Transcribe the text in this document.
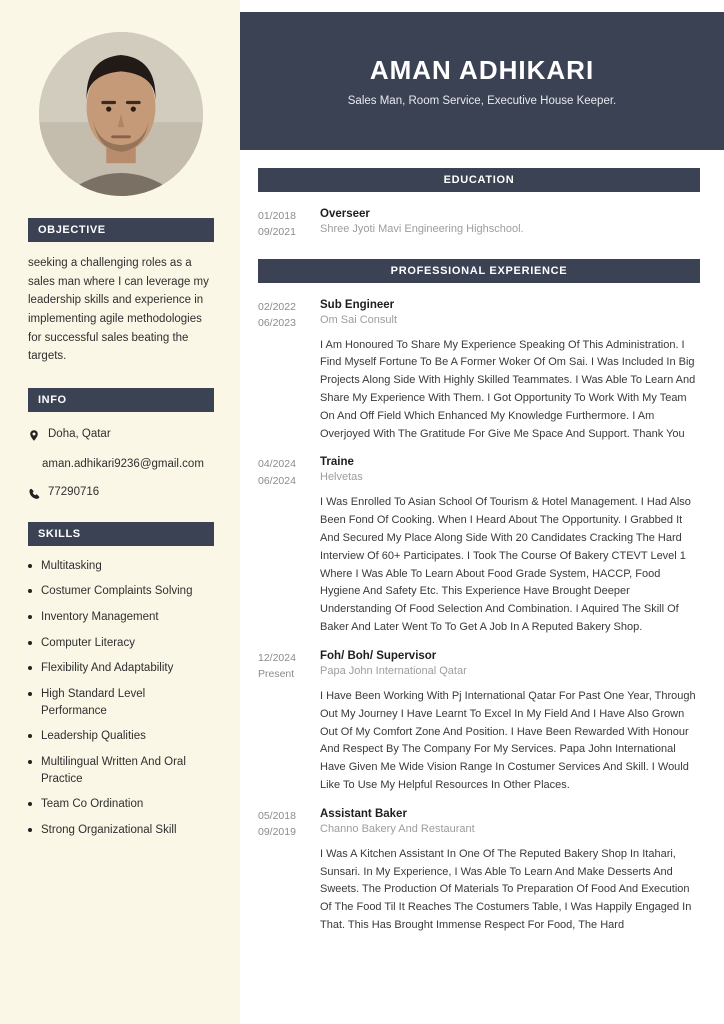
OBJECTIVE

seeking a challenging roles as a sales man where I can leverage my leadership skills and experience in implementing agile methodologies for successful sales beating the targets.

INFO
Doha, Qatar
aman.adhikari9236@gmail.com
77290716
SKILLS
Multitasking
Costumer Complaints Solving
Inventory Management
Computer Literacy
Flexibility And Adaptability
High Standard Level Performance
Leadership Qualities
Multilingual Written And Oral Practice
Team Co Ordination
Strong Organizational Skill
AMAN ADHIKARI
Sales Man, Room Service, Executive House Keeper.
EDUCATION
01/2018
09/2021
Overseer
Shree Jyoti Mavi Engineering Highschool.
PROFESSIONAL EXPERIENCE
02/2022
06/2023
Sub Engineer
Om Sai Consult

I Am Honoured To Share My Experience Speaking Of This Administration. I Find Myself Fortune To Be A Former Woker Of Om Sai. I Was Included In Big Projects Along Side With Highly Skilled Teammates. I Was Able To Learn And Share My Experience With Them. I Got Opportunity To Work With My Team On And Off Field Which Enhanced My Knowledge Furthermore. I Am Overjoyed With The Gratitude For Give Me Space And Support. Thank You

04/2024
06/2024
Traine
Helvetas

I Was Enrolled To Asian School Of Tourism & Hotel Management. I Had Also Been Fond Of Cooking. When I Heard About The Opportunity. I Grabbed It And Secured My Place Along Side With 20 Candidates Cracking The Hard Interview Of 60+ Participates. I Took The Course Of Bakery CTEVT Level 1 Where I Was Able To Learn About Food Grade System, HACCP, Food Hygiene And Safety Etc. This Experience Have Brought Deeper Understanding Of Food Selection And Combination. I Aquired The Skill Of Baker And Later Went To To Get A Job In A Reputed Bakery Shop.

12/2024
Present
Foh/ Boh/ Supervisor
Papa John International Qatar

I Have Been Working With Pj International Qatar For Past One Year, Through Out My Journey I Have Learnt To Excel In My Field And I Have Also Grown Out Of My Comfort Zone And Position. I Have Been Rewarded With Honour And Respect By The Company For My Services. Papa John International Have Given Me Wide Vision Range In Costumer Services And Skill. I Would Like To Use My Helpful Resources In Other Places.

05/2018
09/2019
Assistant Baker
Channo Bakery And Restaurant

I Was A Kitchen Assistant In One Of The Reputed Bakery Shop In Itahari, Sunsari. In My Experience, I Was Able To Learn And Make Desserts And Sweets. The Production Of Materials To Preparation Of Food And Execution Of The Food Til It Reaches The Costumers Table, I Was Happily Engaged In That. This Has Brought Immense Respect For Food, The Hard
